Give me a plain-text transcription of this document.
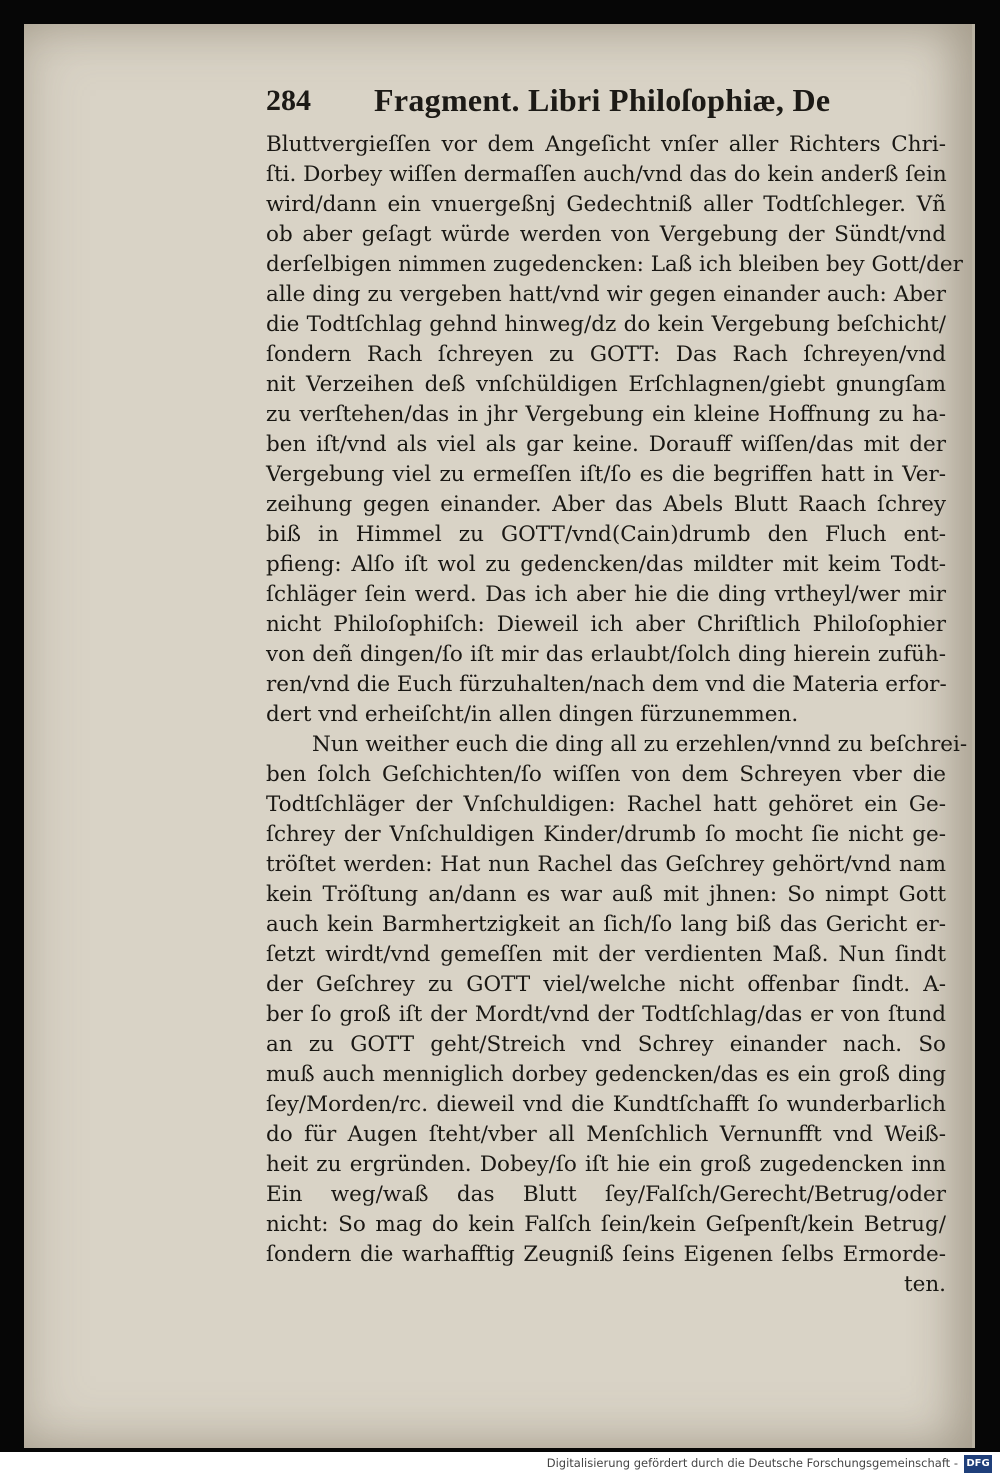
284 Fragment. Libri Philoſophiæ, De
Bluttvergieſſen vor dem Angeſicht vnſer aller Richters Chri-
ſti. Dorbey wiſſen dermaſſen auch/vnd das do kein anderß ſein
wird/dann ein vnuergeßnj Gedechtniß aller Todtſchleger. Vñ
ob aber geſagt würde werden von Vergebung der Sündt/vnd
derſelbigen nimmen zugedencken: Laß ich bleiben bey Gott/der
alle ding zu vergeben hatt/vnd wir gegen einander auch: Aber
die Todtſchlag gehnd hinweg/dz do kein Vergebung beſchicht/
ſondern Rach ſchreyen zu GOTT: Das Rach ſchreyen/vnd
nit Verzeihen deß vnſchüldigen Erſchlagnen/giebt gnungſam
zu verſtehen/das in jhr Vergebung ein kleine Hoffnung zu ha-
ben iſt/vnd als viel als gar keine. Dorauff wiſſen/das mit der
Vergebung viel zu ermeſſen iſt/ſo es die begriffen hatt in Ver-
zeihung gegen einander. Aber das Abels Blutt Raach ſchrey
biß in Himmel zu GOTT/vnd(Cain)drumb den Fluch ent-
pfieng: Alſo iſt wol zu gedencken/das mildter mit keim Todt-
ſchläger ſein werd. Das ich aber hie die ding vrtheyl/wer mir
nicht Philoſophiſch: Dieweil ich aber Chriſtlich Philoſophier
von deñ dingen/ſo iſt mir das erlaubt/ſolch ding hierein zufüh-
ren/vnd die Euch fürzuhalten/nach dem vnd die Materia erfor-
dert vnd erheiſcht/in allen dingen fürzunemmen.
Nun weither euch die ding all zu erzehlen/vnnd zu beſchrei-
ben ſolch Geſchichten/ſo wiſſen von dem Schreyen vber die
Todtſchläger der Vnſchuldigen: Rachel hatt gehöret ein Ge-
ſchrey der Vnſchuldigen Kinder/drumb ſo mocht ſie nicht ge-
tröſtet werden: Hat nun Rachel das Geſchrey gehört/vnd nam
kein Tröſtung an/dann es war auß mit jhnen: So nimpt Gott
auch kein Barmhertzigkeit an ſich/ſo lang biß das Gericht er-
ſetzt wirdt/vnd gemeſſen mit der verdienten Maß. Nun ſindt
der Geſchrey zu GOTT viel/welche nicht offenbar ſindt. A-
ber ſo groß iſt der Mordt/vnd der Todtſchlag/das er von ſtund
an zu GOTT geht/Streich vnd Schrey einander nach. So
muß auch menniglich dorbey gedencken/das es ein groß ding
ſey/Morden/rc. dieweil vnd die Kundtſchafft ſo wunderbarlich
do für Augen ſteht/vber all Menſchlich Vernunfft vnd Weiß-
heit zu ergründen. Dobey/ſo iſt hie ein groß zugedencken inn
Ein weg/waß das Blutt ſey/Falſch/Gerecht/Betrug/oder
nicht: So mag do kein Falſch ſein/kein Geſpenſt/kein Betrug/
ſondern die warhafftig Zeugniß ſeins Eigenen ſelbs Ermorde-
ten.
Digitalisierung gefördert durch die Deutsche Forschungsgemeinschaft - DFG
